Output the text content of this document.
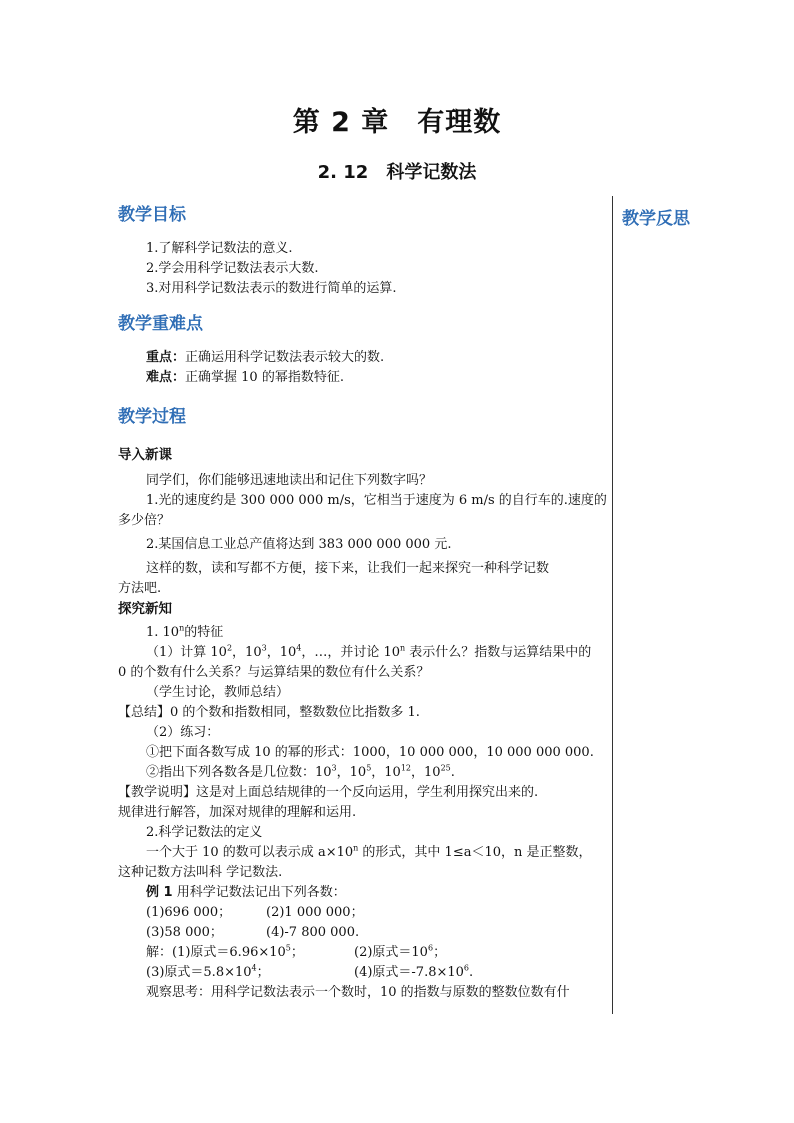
第 2 章　有理数
2. 12　科学记数法
教学反思

教学目标

1.了解科学记数法的意义.

2.学会用科学记数法表示大数.

3.对用科学记数法表示的数进行简单的运算.

教学重难点

重点：正确运用科学记数法表示较大的数.

难点：正确掌握 10 的幂指数特征.

教学过程

导入新课

同学们，你们能够迅速地读出和记住下列数字吗？

1.光的速度约是 300 000 000 m/s，它相当于速度为 6 m/s 的自行车的.速度的

多少倍？

2.某国信息工业总产值将达到 383 000 000 000 元.

这样的数，读和写都不方便，接下来，让我们一起来探究一种科学记数

方法吧.

探究新知

1. 10$^n$的特征

（1）计算 $10^2$，$10^3$，$10^4$，…，并讨论 10$^n$ 表示什么？指数与运算结果中的

0 的个数有什么关系？与运算结果的数位有什么关系？

（学生讨论，教师总结）

【总结】0 的个数和指数相同，整数数位比指数多 1.

（2）练习：

①把下面各数写成 10 的幂的形式：1000，10 000 000，10 000 000 000.

②指出下列各数各是几位数：$10^3$，$10^5$，$10^{12}$，$10^{25}$.

【教学说明】这是对上面总结规律的一个反向运用，学生利用探究出来的.

规律进行解答，加深对规律的理解和运用.

2.科学记数法的定义

一个大于 10 的数可以表示成 $a\times 10^n$ 的形式，其中 1≤a＜10，n 是正整数，

这种记数方法叫科 学记数法.

例 1 用科学记数法记出下列各数：

(1)696 000；	(2)1 000 000；

(3)58 000；	(4)-7 800 000.

解：(1)原式$=6.96\times 10^5$；	(2)原式$=10^6$；

(3)原式$=5.8\times 10^4$；	(4)原式$=-7.8\times 10^6$.

观察思考：用科学记数法表示一个数时，10 的指数与原数的整数位数有什
